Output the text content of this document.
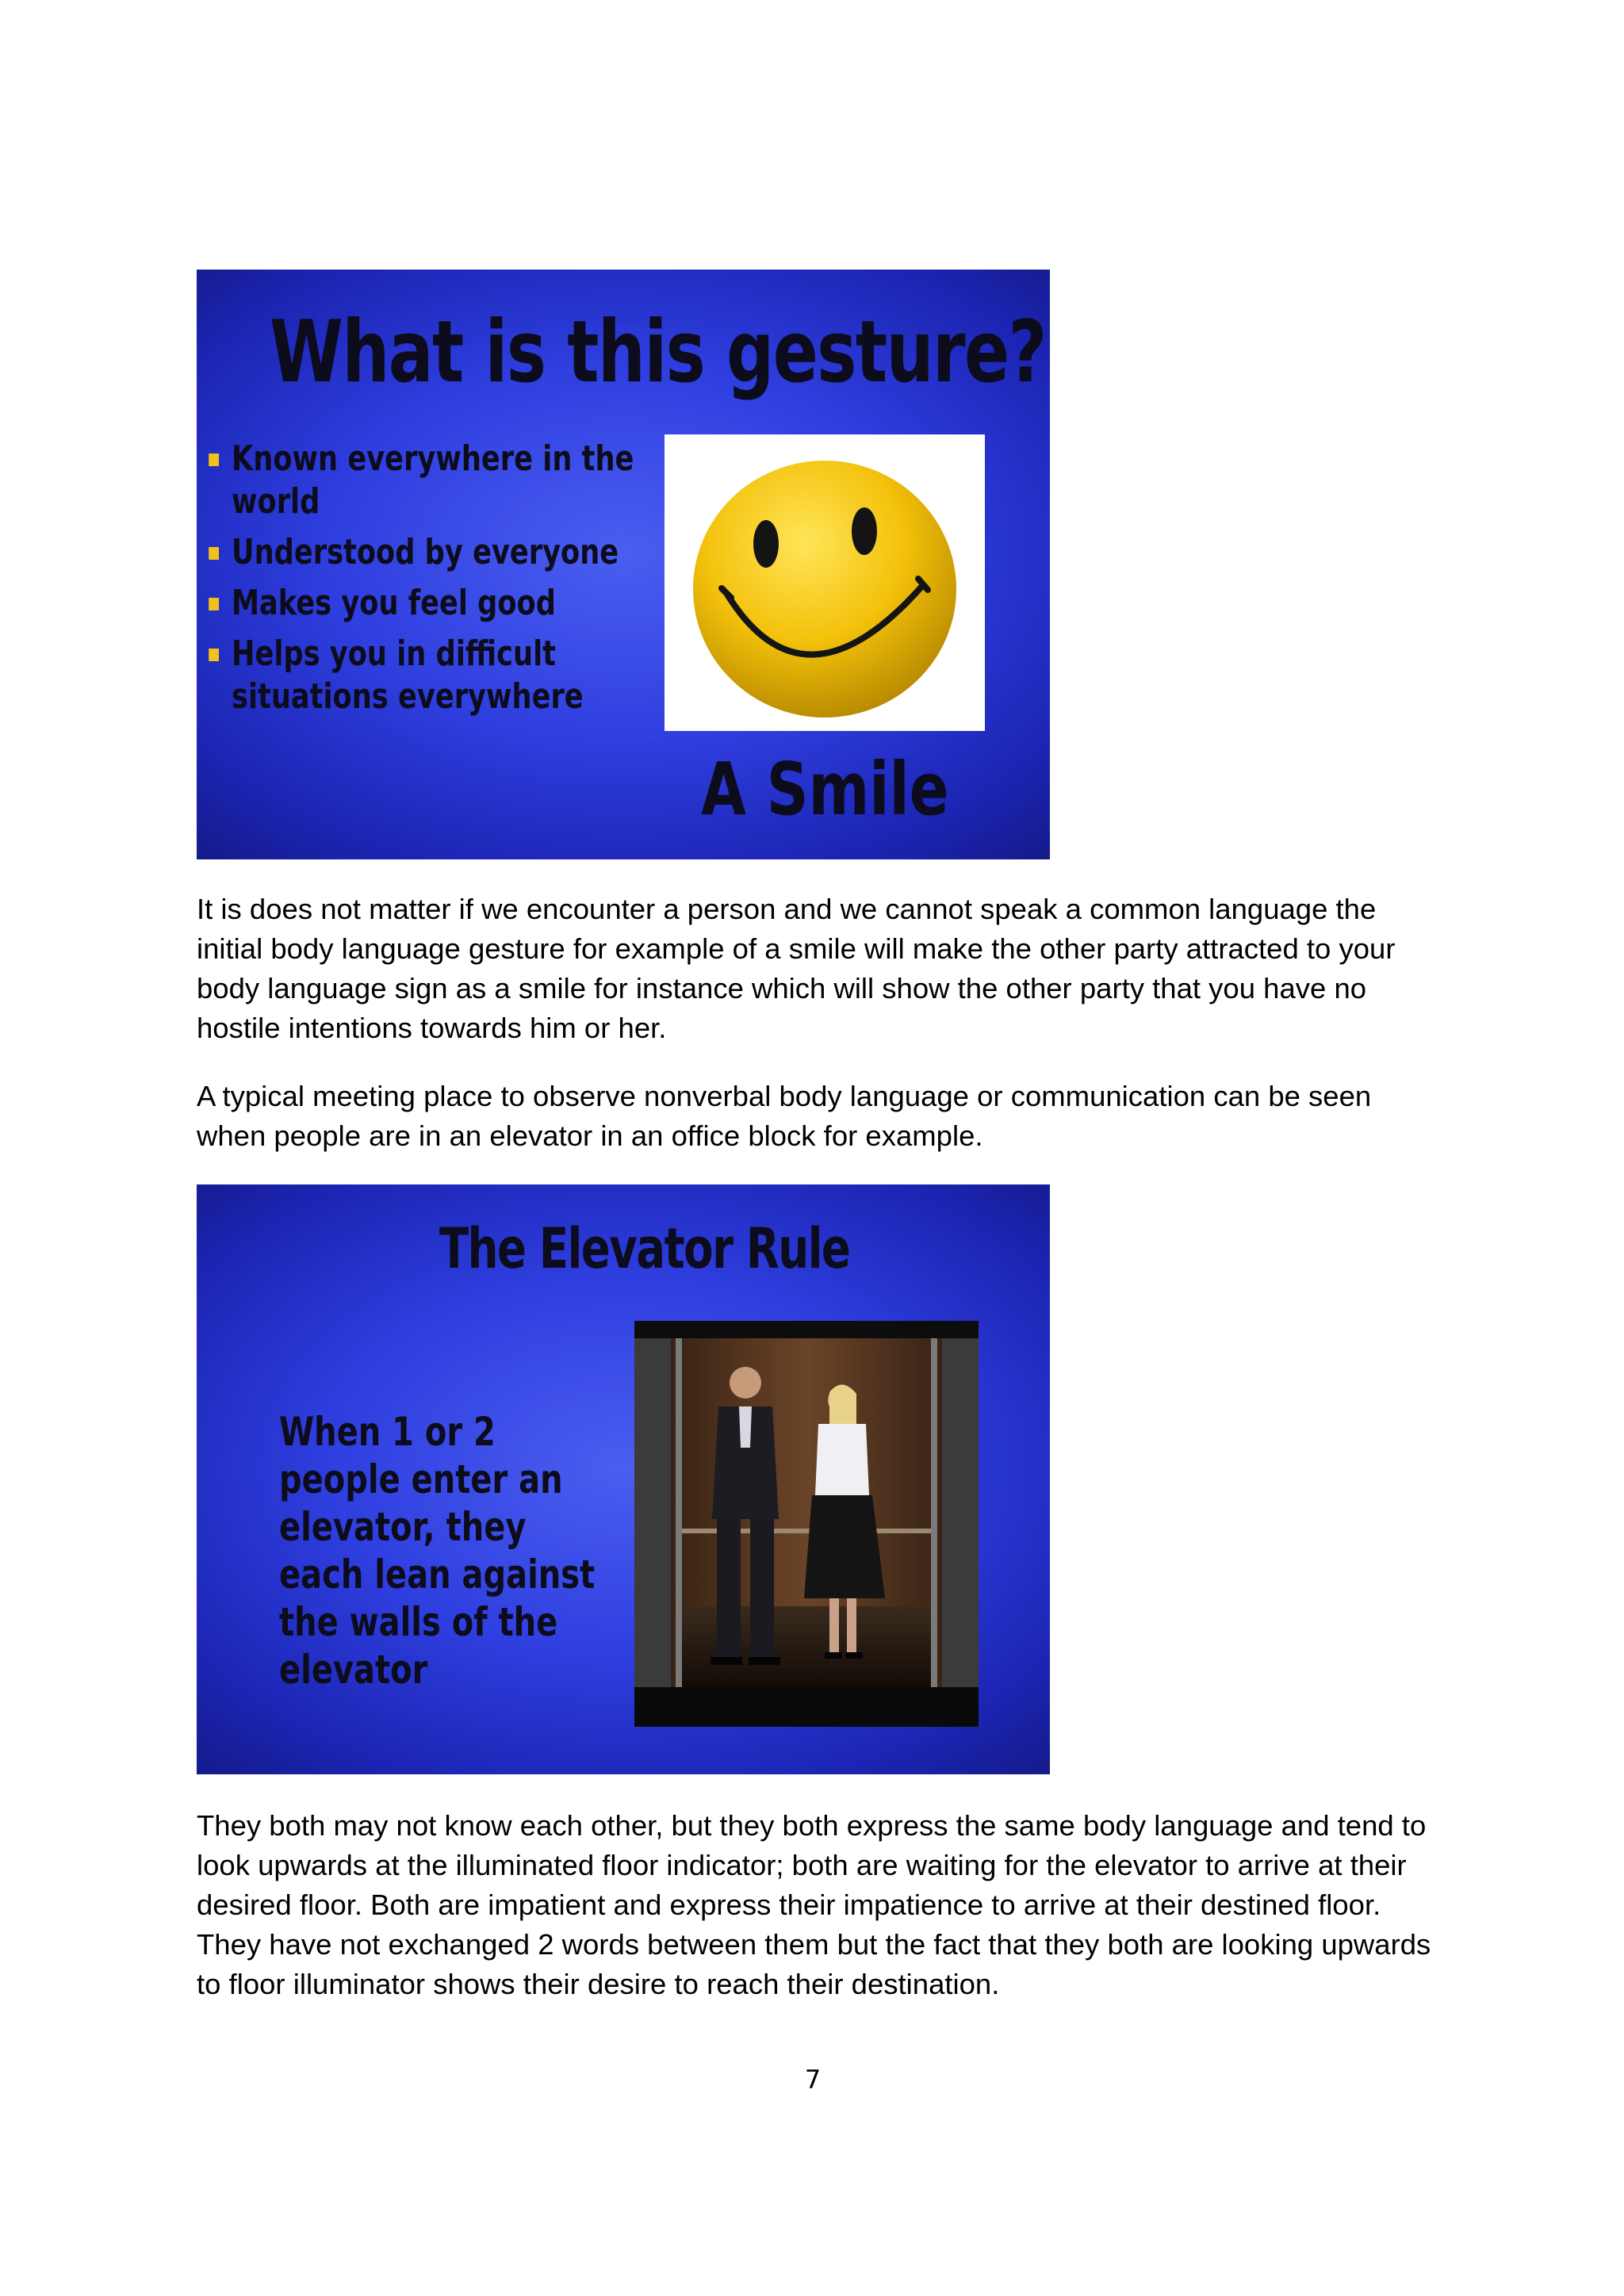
What is this gesture?
Known everywhere in the world
Understood by everyone
Makes you feel good
Helps you in difficult situations everywhere
A Smile

It is does not matter if we encounter a person and we cannot speak a common language the initial body language gesture for example of a smile will make the other party attracted to your body language sign as a smile for instance which will show the other party that you have no hostile intentions towards him or her.

A typical meeting place to observe nonverbal body language or communication can be seen when people are in an elevator in an office block for example.

The Elevator Rule

When 1 or 2 people enter an elevator, they each lean against the walls of the elevator

They both may not know each other, but they both express the same body language and tend to look upwards at the illuminated floor indicator; both are waiting for the elevator to arrive at their desired floor. Both are impatient and express their impatience to arrive at their destined floor. They have not exchanged 2 words between them but the fact that they both are looking upwards to floor illuminator shows their desire to reach their destination.

7
